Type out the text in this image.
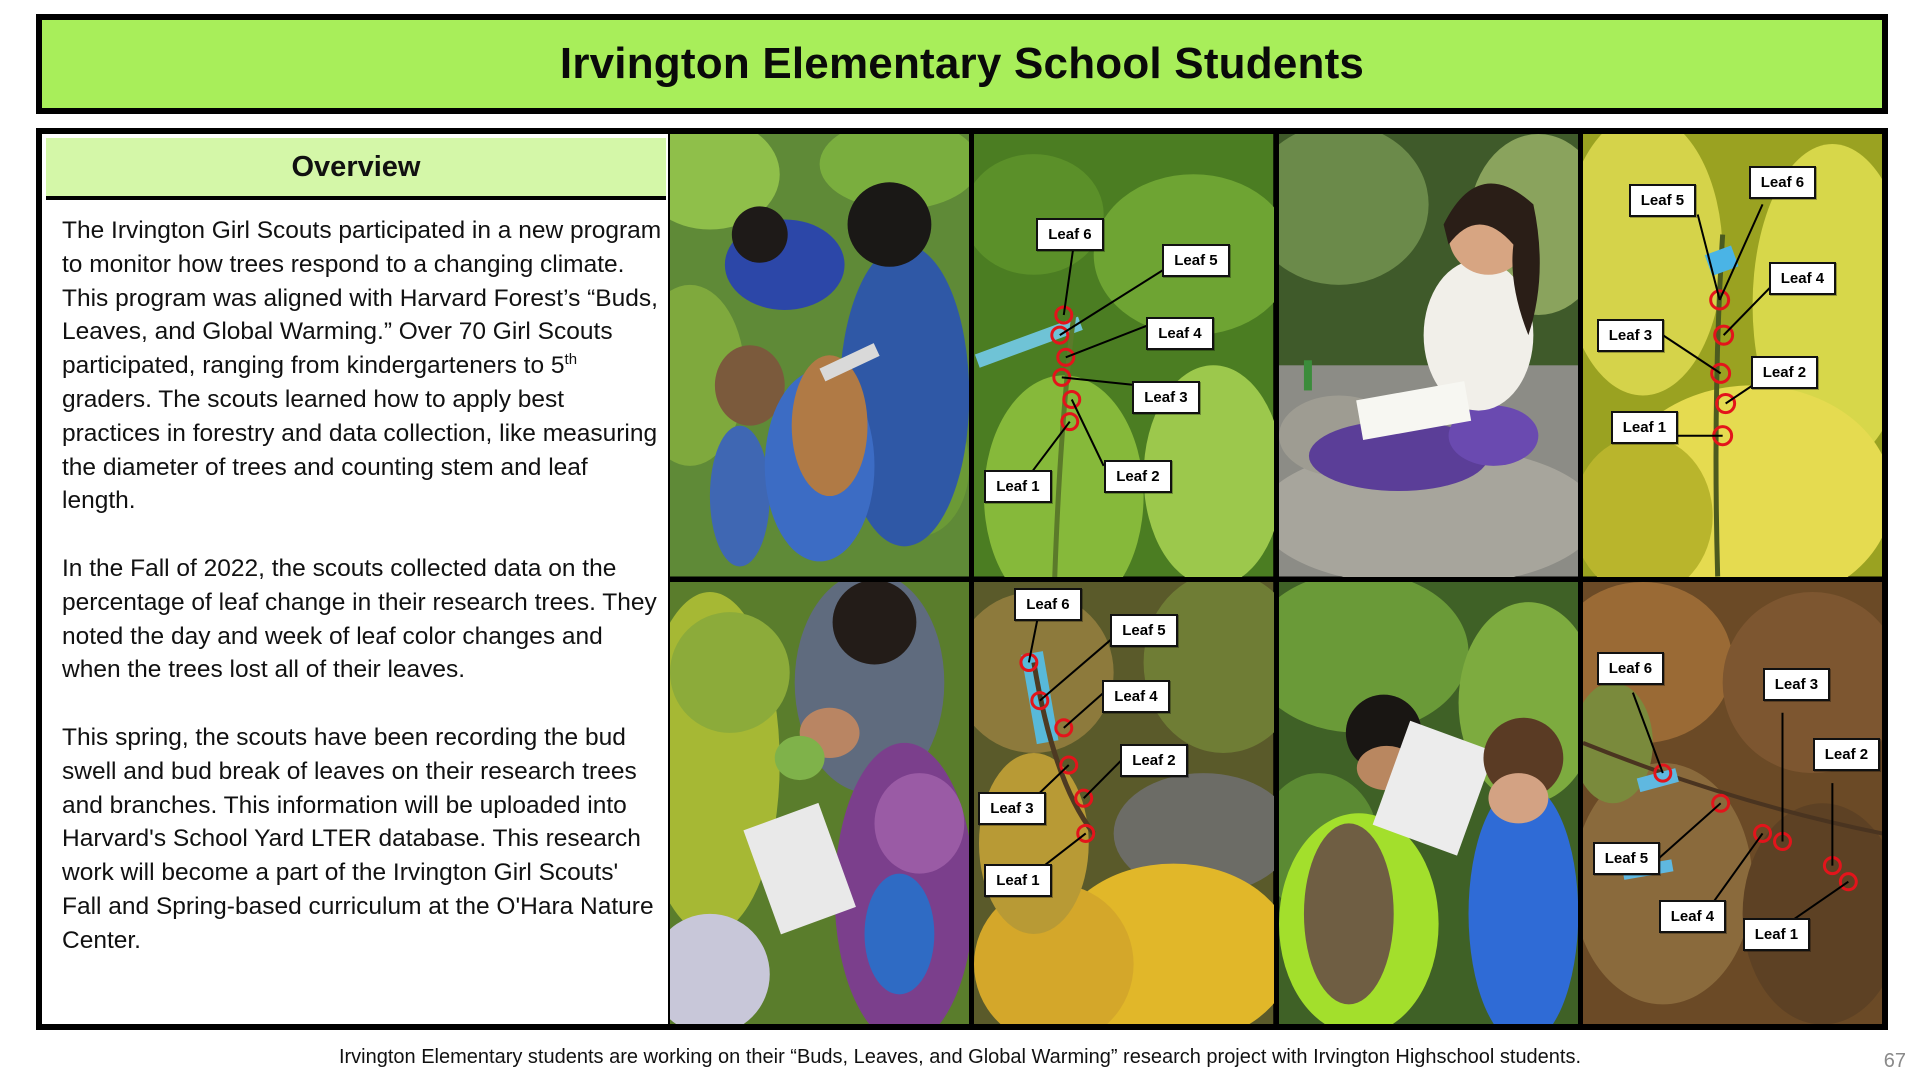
Irvington Elementary School Students
Overview

The Irvington Girl Scouts participated in a new program to monitor how trees respond to a changing climate. This program was aligned with Harvard Forest’s “Buds, Leaves, and Global Warming.” Over 70 Girl Scouts participated, ranging from kindergarteners to 5th graders. The scouts learned how to apply best practices in forestry and data collection, like measuring the diameter of trees and counting stem and leaf length.

In the Fall of 2022, the scouts collected data on the percentage of leaf change in their research trees. They noted the day and week of leaf color changes and when the trees lost all of their leaves.

This spring, the scouts have been recording the bud swell and bud break of leaves on their research trees and branches. This information will be uploaded into Harvard's School Yard LTER database. This research work will become a part of the Irvington Girl Scouts' Fall and Spring-based curriculum at the O'Hara Nature Center.

Leaf 6
Leaf 5
Leaf 4
Leaf 3
Leaf 2
Leaf 1
Leaf 5
Leaf 6
Leaf 4
Leaf 3
Leaf 2
Leaf 1
Leaf 6
Leaf 5
Leaf 4
Leaf 2
Leaf 3
Leaf 1
Leaf 6
Leaf 3
Leaf 2
Leaf 5
Leaf 4
Leaf 1
Irvington Elementary students are working on their “Buds, Leaves, and Global Warming” research project with Irvington Highschool students.	67
